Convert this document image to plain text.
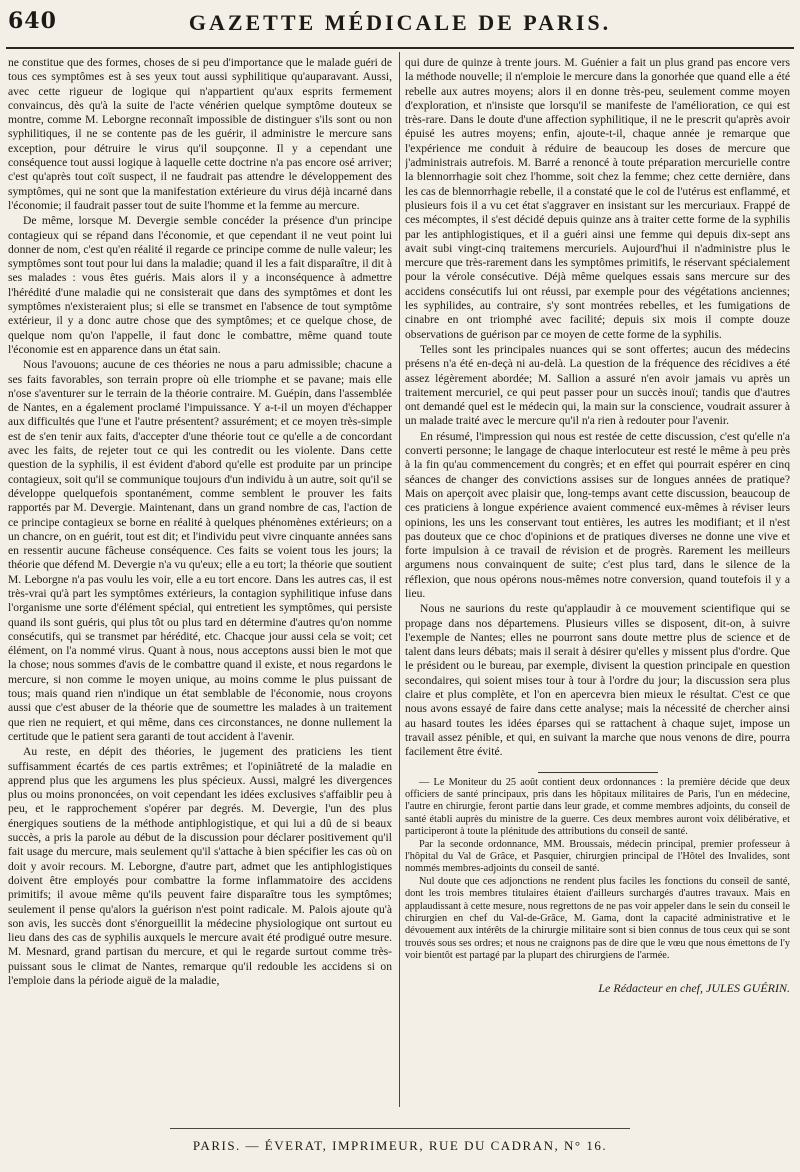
640	GAZETTE MÉDICALE DE PARIS.

ne constitue que des formes, choses de si peu d'importance que le malade guéri de tous ces symptômes est à ses yeux tout aussi syphilitique qu'auparavant. Aussi, avec cette rigueur de logique qui n'appartient qu'aux esprits fermement convaincus, dès qu'à la suite de l'acte vénérien quelque symptôme douteux se montre, comme M. Leborgne reconnaît impossible de distinguer s'ils sont ou non syphilitiques, il ne se contente pas de les guérir, il administre le mercure sans exception, pour détruire le virus qu'il soupçonne. Il y a cependant une conséquence tout aussi logique à laquelle cette doctrine n'a pas encore osé arriver; c'est qu'après tout coït suspect, il ne faudrait pas attendre le développement des symptômes, qui ne sont que la manifestation extérieure du virus déjà incarné dans l'économie; il faudrait passer tout de suite l'homme et la femme au mercure.

De même, lorsque M. Devergie semble concéder la présence d'un principe contagieux qui se répand dans l'économie, et que cependant il ne veut point lui donner de nom, c'est qu'en réalité il regarde ce principe comme de nulle valeur; les symptômes sont tout pour lui dans la maladie; quand il les a fait disparaître, il dit à ses malades : vous êtes guéris. Mais alors il y a inconséquence à admettre l'hérédité d'une maladie qui ne consisterait que dans des symptômes et dont les symptômes n'existeraient plus; si elle se transmet en l'absence de tout symptôme extérieur, il y a donc autre chose que des symptômes; et ce quelque chose, de quelque nom qu'on l'appelle, il faut donc le combattre, même quand toute l'économie est en apparence dans un état sain.

Nous l'avouons; aucune de ces théories ne nous a paru admissible; chacune a ses faits favorables, son terrain propre où elle triomphe et se pavane; mais elle n'ose s'aventurer sur le terrain de la théorie contraire. M. Guépin, dans l'assemblée de Nantes, en a également proclamé l'impuissance. Y a-t-il un moyen d'échapper aux difficultés que l'une et l'autre présentent? assurément; et ce moyen très-simple est de s'en tenir aux faits, d'accepter d'une théorie tout ce qu'elle a de concordant avec les faits, de rejeter tout ce qui les contredit ou les violente. Dans cette question de la syphilis, il est évident d'abord qu'elle est produite par un principe contagieux, soit qu'il se communique toujours d'un individu à un autre, soit qu'il se développe quelquefois spontanément, comme semblent le prouver les faits rapportés par M. Devergie. Maintenant, dans un grand nombre de cas, l'action de ce principe contagieux se borne en réalité à quelques phénomènes extérieurs; on a un chancre, on en guérit, tout est dit; et l'individu peut vivre cinquante années sans en ressentir aucune fâcheuse conséquence. Ces faits se voient tous les jours; la théorie que défend M. Devergie n'a vu qu'eux; elle a eu tort; la théorie que soutient M. Leborgne n'a pas voulu les voir, elle a eu tort encore. Dans les autres cas, il est très-vrai qu'à part les symptômes extérieurs, la contagion syphilitique infuse dans l'organisme une sorte d'élément spécial, qui entretient les symptômes, qui persiste quand ils sont guéris, qui plus tôt ou plus tard en détermine d'autres qu'on nomme consécutifs, qui se transmet par hérédité, etc. Chacque jour aussi cela se voit; cet élément, on l'a nommé virus. Quant à nous, nous acceptons aussi bien le mot que la chose; nous sommes d'avis de le combattre quand il existe, et nous regardons le mercure, si non comme le moyen unique, au moins comme le plus puissant de tous; mais quand rien n'indique un état semblable de l'économie, nous croyons aussi que c'est abuser de la théorie que de soumettre les malades à un traitement que rien ne requiert, et qui même, dans ces circonstances, ne donne nullement la certitude que le patient sera garanti de tout accident à l'avenir.

Au reste, en dépit des théories, le jugement des praticiens les tient suffisamment écartés de ces partis extrêmes; et l'opiniâtreté de la maladie en apprend plus que les argumens les plus spécieux. Aussi, malgré les divergences plus ou moins prononcées, on voit cependant les idées exclusives s'affaiblir peu à peu, et le rapprochement s'opérer par degrés. M. Devergie, l'un des plus énergiques soutiens de la méthode antiphlogistique, et qui lui a dû de si beaux succès, a pris la parole au début de la discussion pour déclarer positivement qu'il fait usage du mercure, mais seulement qu'il s'attache à bien spécifier les cas où on doit y avoir recours. M. Leborgne, d'autre part, admet que les antiphlogistiques doivent être employés pour combattre la forme inflammatoire des accidens primitifs; il avoue même qu'ils peuvent faire disparaître tous les symptômes; seulement il pense qu'alors la guérison n'est point radicale. M. Palois ajoute qu'à son avis, les succès dont s'énorgueillit la médecine physiologique ont surtout eu lieu dans des cas de syphilis auxquels le mercure avait été prodigué outre mesure. M. Mesnard, grand partisan du mercure, et qui le regarde surtout comme très-puissant sous le climat de Nantes, remarque qu'il redouble les accidens si on l'emploie dans la période aiguë de la maladie,

qui dure de quinze à trente jours. M. Guénier a fait un plus grand pas encore vers la méthode nouvelle; il n'emploie le mercure dans la gonorhée que quand elle a été rebelle aux autres moyens; alors il en donne très-peu, seulement comme moyen d'exploration, et n'insiste que lorsqu'il se manifeste de l'amélioration, ce qui est très-rare. Dans le doute d'une affection syphilitique, il ne le prescrit qu'après avoir épuisé les autres moyens; enfin, ajoute-t-il, chaque année je remarque que l'expérience me conduit à réduire de beaucoup les doses de mercure que j'administrais autrefois. M. Barré a renoncé à toute préparation mercurielle contre la blennorrhagie soit chez l'homme, soit chez la femme; chez cette dernière, dans les cas de blennorrhagie rebelle, il a constaté que le col de l'utérus est enflammé, et plusieurs fois il a vu cet état s'aggraver en insistant sur les mercuriaux. Frappé de ces mécomptes, il s'est décidé depuis quinze ans à traiter cette forme de la syphilis par les antiphlogistiques, et il a guéri ainsi une femme qui depuis dix-sept ans avait subi vingt-cinq traitemens mercuriels. Aujourd'hui il n'administre plus le mercure que très-rarement dans les symptômes primitifs, le réservant spécialement pour la vérole consécutive. Déjà même quelques essais sans mercure sur des accidens consécutifs lui ont réussi, par exemple pour des végétations anciennes; les syphilides, au contraire, s'y sont montrées rebelles, et les fumigations de cinabre en ont triomphé avec facilité; depuis six mois il compte douze observations de guérison par ce moyen de cette forme de la syphilis.

Telles sont les principales nuances qui se sont offertes; aucun des médecins présens n'a été en-deçà ni au-delà. La question de la fréquence des récidives a été assez légèrement abordée; M. Sallion a assuré n'en avoir jamais vu après un traitement mercuriel, ce qui peut passer pour un succès inouï; tandis que d'autres ont demandé quel est le médecin qui, la main sur la conscience, voudrait assurer à un malade traité avec le mercure qu'il n'a rien à redouter pour l'avenir.

En résumé, l'impression qui nous est restée de cette discussion, c'est qu'elle n'a converti personne; le langage de chaque interlocuteur est resté le même à peu près à la fin qu'au commencement du congrès; et en effet qui pourrait espérer en cinq séances de changer des convictions assises sur de longues années de pratique? Mais on aperçoit avec plaisir que, long-temps avant cette discussion, beaucoup de ces praticiens à longue expérience avaient commencé eux-mêmes à réviser leurs opinions, les uns les conservant tout entières, les autres les modifiant; et il n'est pas douteux que ce choc d'opinions et de pratiques diverses ne donne une vive et forte impulsion à ce travail de révision et de progrès. Rarement les meilleurs argumens nous convainquent de suite; c'est plus tard, dans le silence de la réflexion, que nous opérons nous-mêmes notre conversion, quand toutefois il y a lieu.

Nous ne saurions du reste qu'applaudir à ce mouvement scientifique qui se propage dans nos départemens. Plusieurs villes se disposent, dit-on, à suivre l'exemple de Nantes; elles ne pourront sans doute mettre plus de science et de talent dans leurs débats; mais il serait à désirer qu'elles y missent plus d'ordre. Que le président ou le bureau, par exemple, divisent la question principale en question secondaires, qui soient mises tour à tour à l'ordre du jour; la discussion sera plus claire et plus complète, et l'on en apercevra bien mieux le résultat. C'est ce que nous avons essayé de faire dans cette analyse; mais la nécessité de chercher ainsi au hasard toutes les idées éparses qui se rattachent à chaque sujet, impose un travail assez pénible, et qui, en suivant la marche que nous venons de dire, pourra facilement être évité.

— Le Moniteur du 25 août contient deux ordonnances : la première décide que deux officiers de santé principaux, pris dans les hôpitaux militaires de Paris, l'un en médecine, l'autre en chirurgie, feront partie dans leur grade, et comme membres adjoints, du conseil de santé établi auprès du ministre de la guerre. Ces deux membres auront voix délibérative, et participeront à toute la plénitude des attributions du conseil de santé.

Par la seconde ordonnance, MM. Broussais, médecin principal, premier professeur à l'hôpital du Val de Grâce, et Pasquier, chirurgien principal de l'Hôtel des Invalides, sont nommés membres-adjoints du conseil de santé.

Nul doute que ces adjonctions ne rendent plus faciles les fonctions du conseil de santé, dont les trois membres titulaires étaient d'ailleurs surchargés d'autres travaux. Mais en applaudissant à cette mesure, nous regrettons de ne pas voir appeler dans le sein du conseil le chirurgien en chef du Val-de-Grâce, M. Gama, dont la capacité administrative et le dévouement aux intérêts de la chirurgie militaire sont si bien connus de tous ceux qui se sont trouvés sous ses ordres; et nous ne craignons pas de dire que le vœu que nous émettons de l'y voir bientôt est partagé par la plupart des chirurgiens de l'armée.

Le Rédacteur en chef, JULES GUÉRIN.
PARIS. — ÉVERAT, IMPRIMEUR, RUE DU CADRAN, N° 16.
